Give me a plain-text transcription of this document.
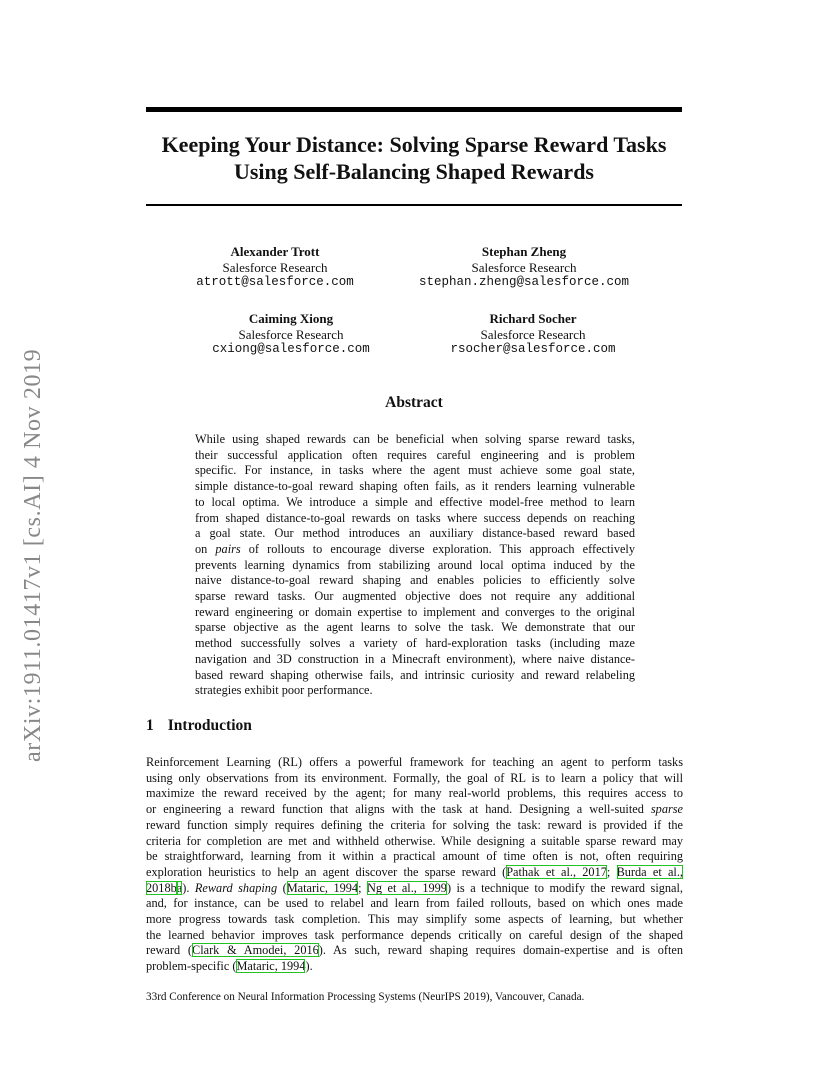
arXiv:1911.01417v1 [cs.AI] 4 Nov 2019
Keeping Your Distance: Solving Sparse Reward Tasks
Using Self-Balancing Shaped Rewards
Alexander Trott
Salesforce Research
atrott@salesforce.com
Stephan Zheng
Salesforce Research
stephan.zheng@salesforce.com
Caiming Xiong
Salesforce Research
cxiong@salesforce.com
Richard Socher
Salesforce Research
rsocher@salesforce.com
Abstract
While using shaped rewards can be beneficial when solving sparse reward tasks,
their successful application often requires careful engineering and is problem
specific. For instance, in tasks where the agent must achieve some goal state,
simple distance-to-goal reward shaping often fails, as it renders learning vulnerable
to local optima. We introduce a simple and effective model-free method to learn
from shaped distance-to-goal rewards on tasks where success depends on reaching
a goal state. Our method introduces an auxiliary distance-based reward based
on pairs of rollouts to encourage diverse exploration. This approach effectively
prevents learning dynamics from stabilizing around local optima induced by the
naive distance-to-goal reward shaping and enables policies to efficiently solve
sparse reward tasks. Our augmented objective does not require any additional
reward engineering or domain expertise to implement and converges to the original
sparse objective as the agent learns to solve the task. We demonstrate that our
method successfully solves a variety of hard-exploration tasks (including maze
navigation and 3D construction in a Minecraft environment), where naive distance-
based reward shaping otherwise fails, and intrinsic curiosity and reward relabeling
strategies exhibit poor performance.
1 Introduction
Reinforcement Learning (RL) offers a powerful framework for teaching an agent to perform tasks
using only observations from its environment. Formally, the goal of RL is to learn a policy that will
maximize the reward received by the agent; for many real-world problems, this requires access to
or engineering a reward function that aligns with the task at hand. Designing a well-suited sparse
reward function simply requires defining the criteria for solving the task: reward is provided if the
criteria for completion are met and withheld otherwise. While designing a suitable sparse reward may
be straightforward, learning from it within a practical amount of time often is not, often requiring
exploration heuristics to help an agent discover the sparse reward (Pathak et al., 2017; Burda et al.,
2018ba). Reward shaping (Mataric, 1994; Ng et al., 1999) is a technique to modify the reward signal,
and, for instance, can be used to relabel and learn from failed rollouts, based on which ones made
more progress towards task completion. This may simplify some aspects of learning, but whether
the learned behavior improves task performance depends critically on careful design of the shaped
reward (Clark & Amodei, 2016). As such, reward shaping requires domain-expertise and is often
problem-specific (Mataric, 1994).
33rd Conference on Neural Information Processing Systems (NeurIPS 2019), Vancouver, Canada.
